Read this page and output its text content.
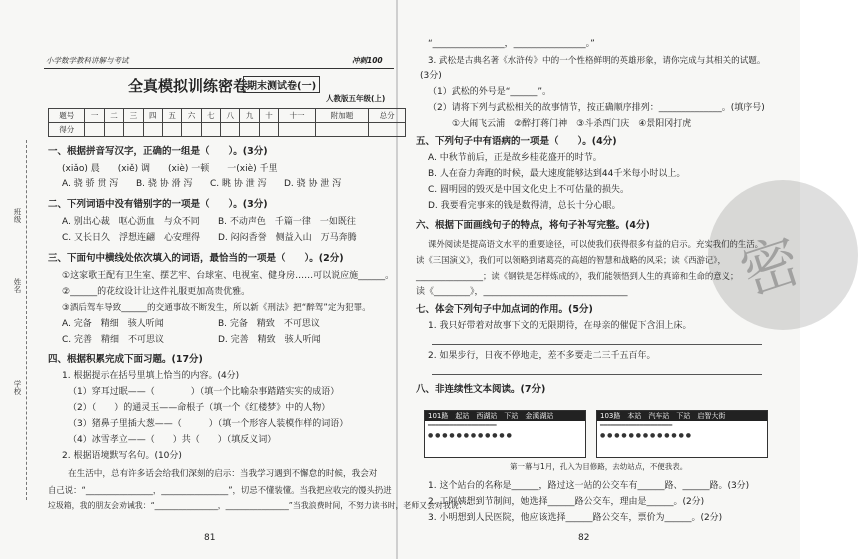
班级
姓名
学校
小学数学教科讲解与考试	冲刺100
全真模拟训练密卷
期末测试卷(一)
人教版五年级(上)
题号	一	二	三	四	五	六	七	八	九	十	十一	附加题	总分
得分													
一、根据拼音写汉字，正确的一组是（　　）。(3分)
(xiǎo) 晨　　(xiě) 调　　(xiè) 一顿　　一(xiè) 千里
A. 骁 骄 贯 泻 B. 骁 协 滑 泻 C. 眺 协 泄 泻 D. 骁 协 泄 泻
二、下列词语中没有错别字的一项是（　　）。(3分)
A. 别出心裁　呕心沥血　与众不同 B. 不动声色　千篇一律　一如既往
C. 又长日久　浮想连翩　心安理得 D. 闷闷香誉　侧益入山　万马奔腾
三、下面句中横线处依次填入的词语，最恰当的一项是（　　）。(2分)
①这家歌王配有卫生室、摆艺牢、台球室、电视室、健身房……可以说应施______。
②______的花纹设计让这件礼服更加高贵优雅。
③酒后驾车导致______的交通事故不断发生，所以新《刑法》把“醉驾”定为犯罪。
A. 完备　精细　骇人听闻	B. 完备　精致　不可思议
C. 完善　精细　不可思议	D. 完善　精致　骇人听闻
四、根据积累完成下面习题。(17分)
1. 根据提示在括号里填上恰当的内容。(4分)
（1）穿耳过眠——（　　　　）（填一个比喻杂事踏踏实实的成语）
（2）（　　）的通灵玉——命根子（填一个《红楼梦》中的人物）
（3）猪鼻子里插大葱——（　　　）（填一个形容人装模作样的词语）
（4）冰雪孝立——（　　）共（　　）（填反义词）
2. 根据语境默写名句。(10分)
在生活中，总有许多话会给我们深刻的启示：当我学习遇到不懈怠的时候，我会对
自己说：“________________，________________”，切忌不懂装懂。当我把应收完的馒头扔进
垃圾箱，我的朋友会劝诫我：“________________，________________”当我浪费时间，不努力读书时，老师又会对我说：“
81
“________________，________________。”
3. 武松是古典名著《水浒传》中的一个性格鲜明的英雄形象，请你完成与其相关的试题。
(3分)
（1）武松的外号是“______”。
（2）请将下列与武松相关的故事情节，按正确顺序排列：______________。(填序号)
①大闹飞云浦　②醉打蒋门神　③斗杀西门庆　④景阳冈打虎
五、下列句子中有语病的一项是（　　）。(4分)
A. 中秋节前后，正是故乡桂花盛开的时节。
B. 人在奋力奔跑的时候，最大速度能够达到44千米每小时以上。
C. 圆明园的毁灭是中国文化史上不可估量的损失。
D. 我要看完事来的钱是数得清，总长十分心眼。
密
六、根据下面画线句子的特点，将句子补写完整。(4分)
课外阅读是提高语文水平的重要途径，可以使我们获得很多有益的启示。充实我们的生活。
读《三国演义》，我们可以领略到诸葛亮的高超的智慧和战略的风采；读《西游记》，
________________；读《钢铁是怎样炼成的》，我们能领悟到人生的真谛和生命的意义；
读《________》，________________________________
七、体会下列句子中加点词的作用。(5分)
1. 我只好带着对故事下文的无限期待，在母亲的催促下含泪上床。
2. 如果步行，日夜不停地走，差不多要走二三千五百年。
八、非连续性文本阅读。(7分)
101路　起站　西湖站　下站　金溪湖站
━━━━━━━━━━━━━━━━━━━
● ● ● ● ● ● ● ● ● ● ● ●
103路　本站　汽车站　下站　启智大街
━━━━━━━━━━━━━━━━━━━━
● ● ● ● ● ● ● ● ● ● ● ● ●
第一幕与1月，孔入为目修路，去幼站点，不便我表。
1. 这个站台的名称是______，路过这一站的公交车有______路、______路。(3分)
2. 工阿姨想到节制间，她选择______路公交车，理由是______。(2分)
3. 小明想到人民医院，他应该选择______路公交车，票价为______。(2分)
82
